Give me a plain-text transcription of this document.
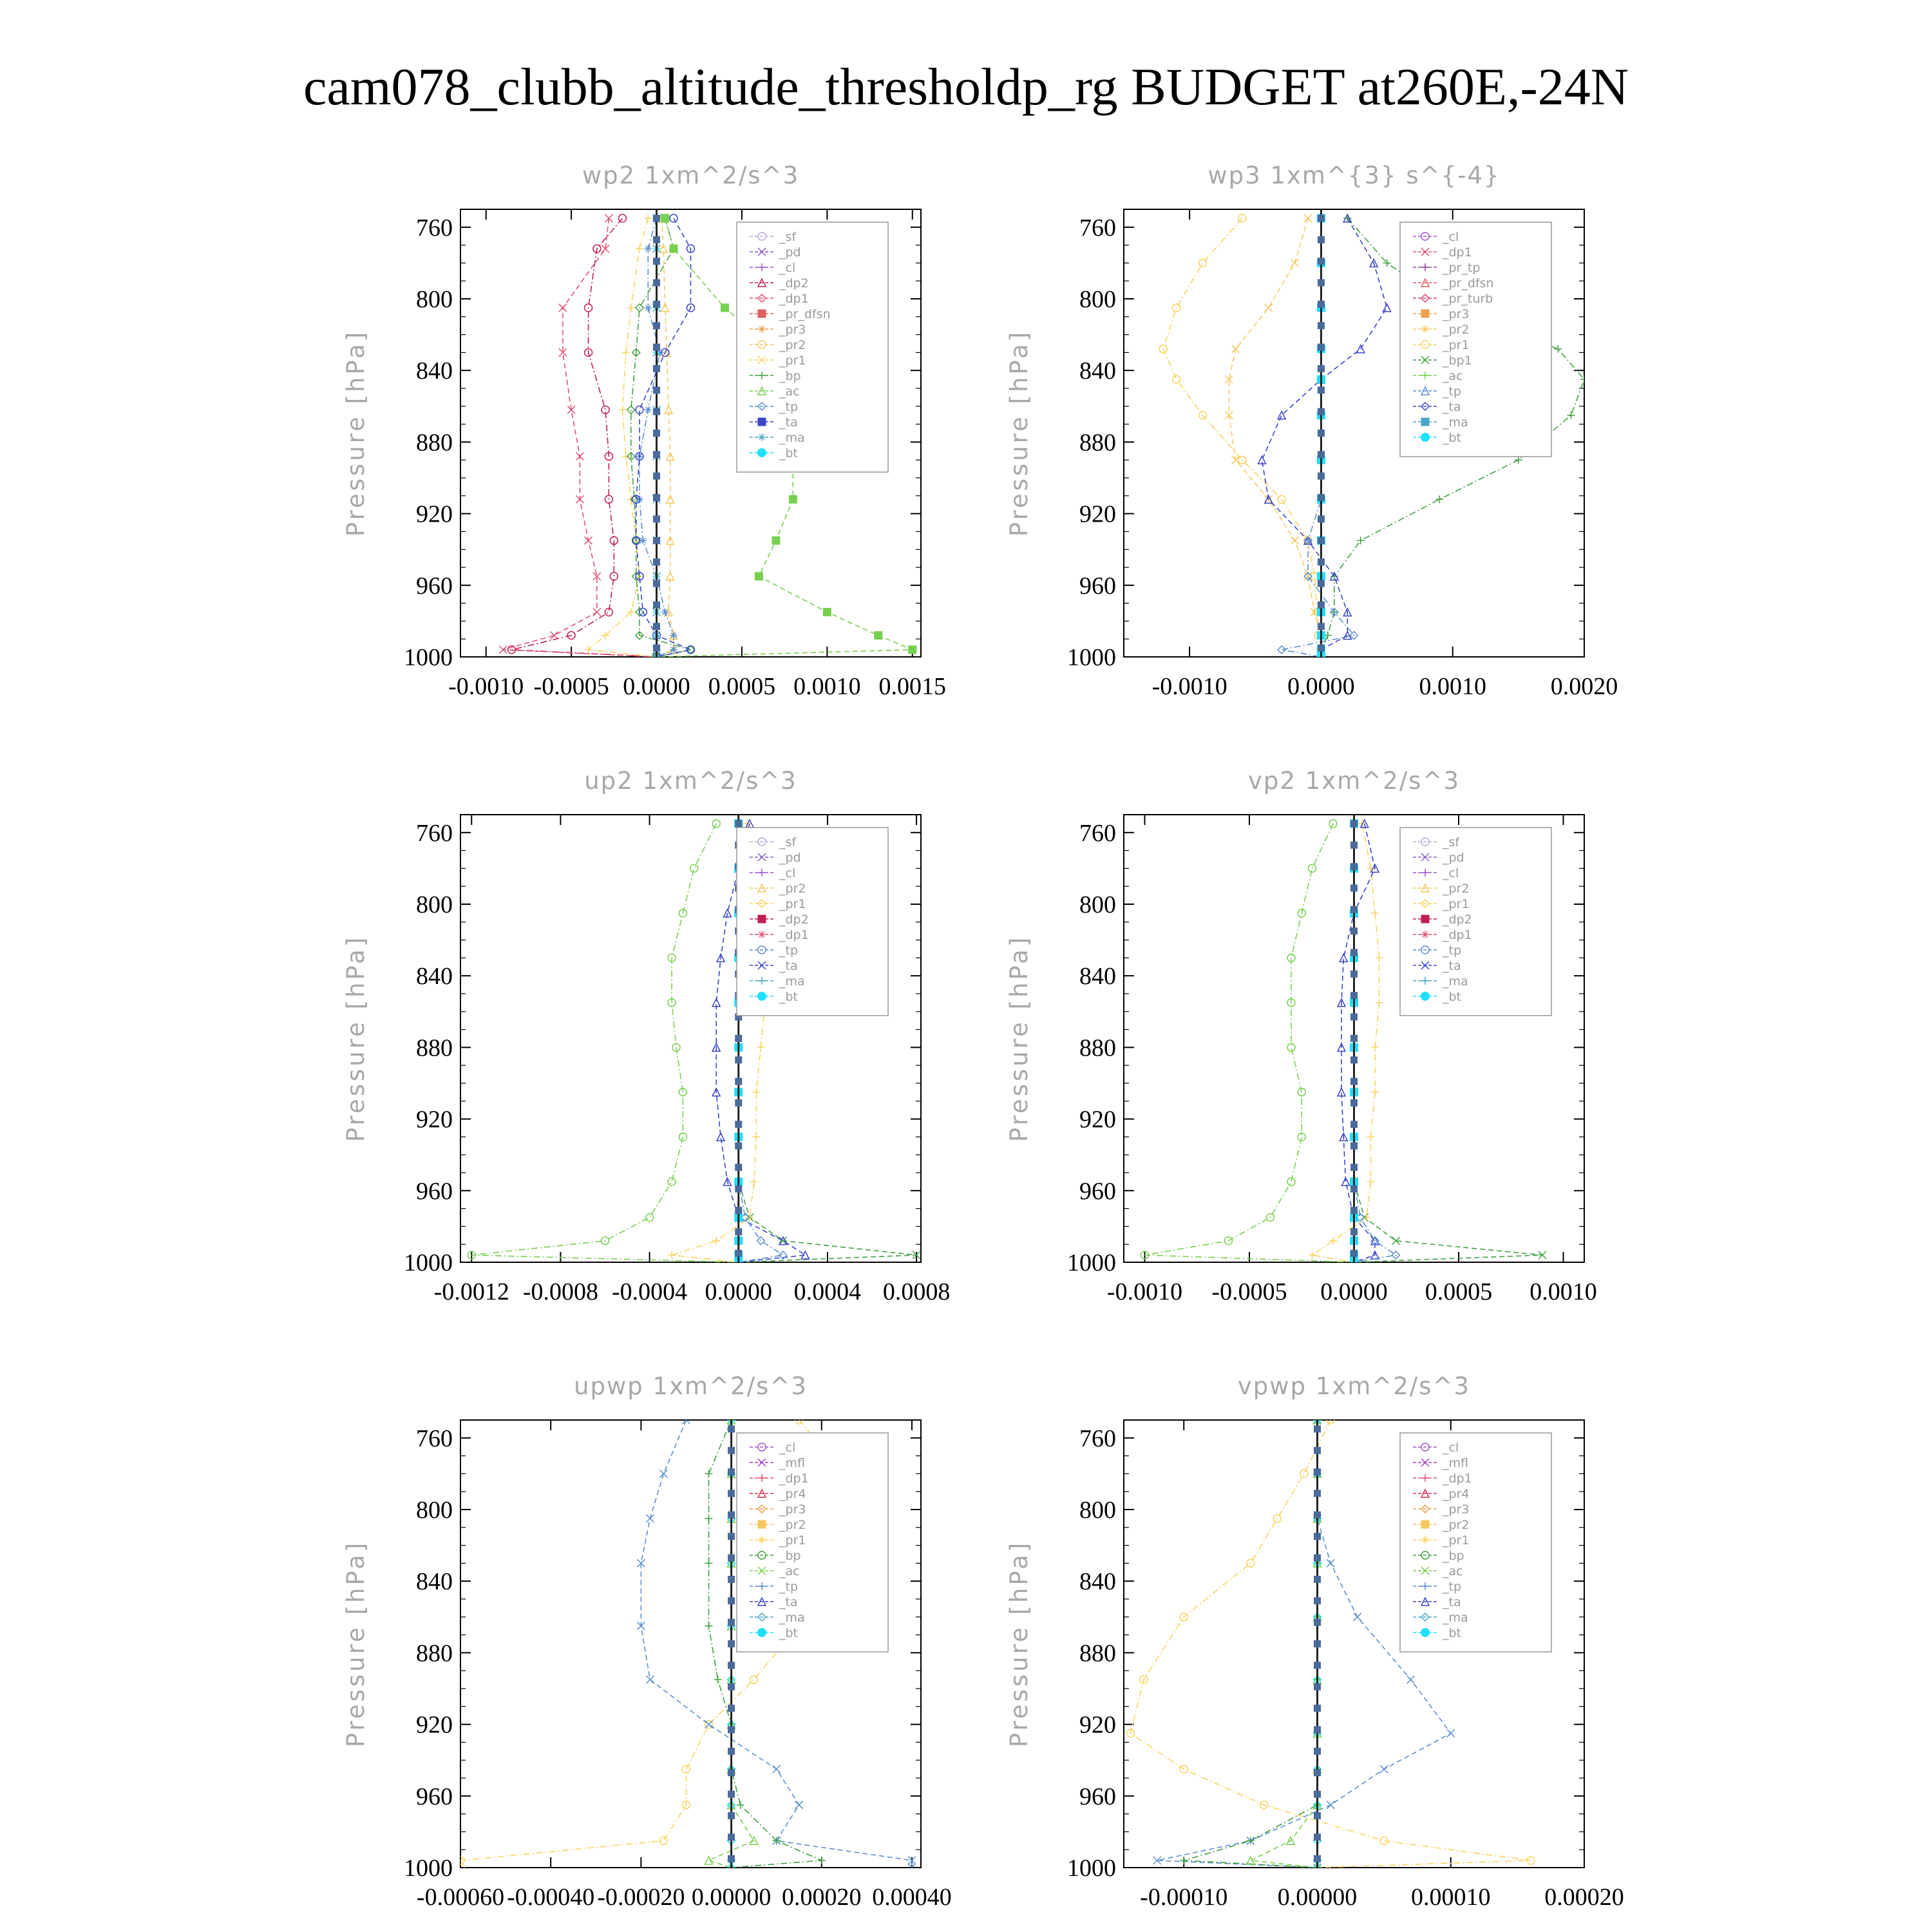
cam078_clubb_altitude_thresholdp_rg BUDGET at260E,-24N
wp2 1xm^2/s^3
Pressure [hPa]
760
800
840
880
920
960
1000
-0.0010 -0.0005 0.0000 0.0005 0.0010 0.0015
_sf
_pd
_cl
_dp2
_dp1
_pr_dfsn
_pr3
_pr2
_pr1
_bp
_ac
_tp
_ta
_ma
_bt
wp3 1xm^{3} s^{-4}
Pressure [hPa]
760
800
840
880
920
960
1000
-0.0010 0.0000	0.0010	0.0020
_cl
_dp1
_pr_tp
_pr_dfsn
_pr_turb
_pr3
_pr2
_pr1
_bp1
_ac
_tp
_ta
_ma
_bt
up2 1xm^2/s^3
Pressure [hPa]
760
800
840
880
920
960
1000
-0.0012 -0.0008 -0.0004 0.0000 0.0004 0.0008
_sf
_pd
_cl
_pr2
_pr1
_dp2
_dp1
_tp
_ta
_ma
_bt
vp2 1xm^2/s^3
Pressure [hPa]
760
800
840
880
920
960
1000
-0.0010 -0.0005 0.0000 0.0005 0.0010
_sf
_pd
_cl
_pr2
_pr1
_dp2
_dp1
_tp
_ta
_ma
_bt
upwp 1xm^2/s^3
Pressure [hPa]
760
800
840
880
920
960
1000
-0.00060 -0.00040 -0.00020 0.00000 0.00020 0.00040
_cl
_mfl
_dp1
_pr4
_pr3
_pr2
_pr1
_bp
_ac
_tp
_ta
_ma
_bt
vpwp 1xm^2/s^3
Pressure [hPa]
760
800
840
880
920
960
1000
-0.00010 0.00000 0.00010 0.00020
_cl
_mfl
_dp1
_pr4
_pr3
_pr2
_pr1
_bp
_ac
_tp
_ta
_ma
_bt
